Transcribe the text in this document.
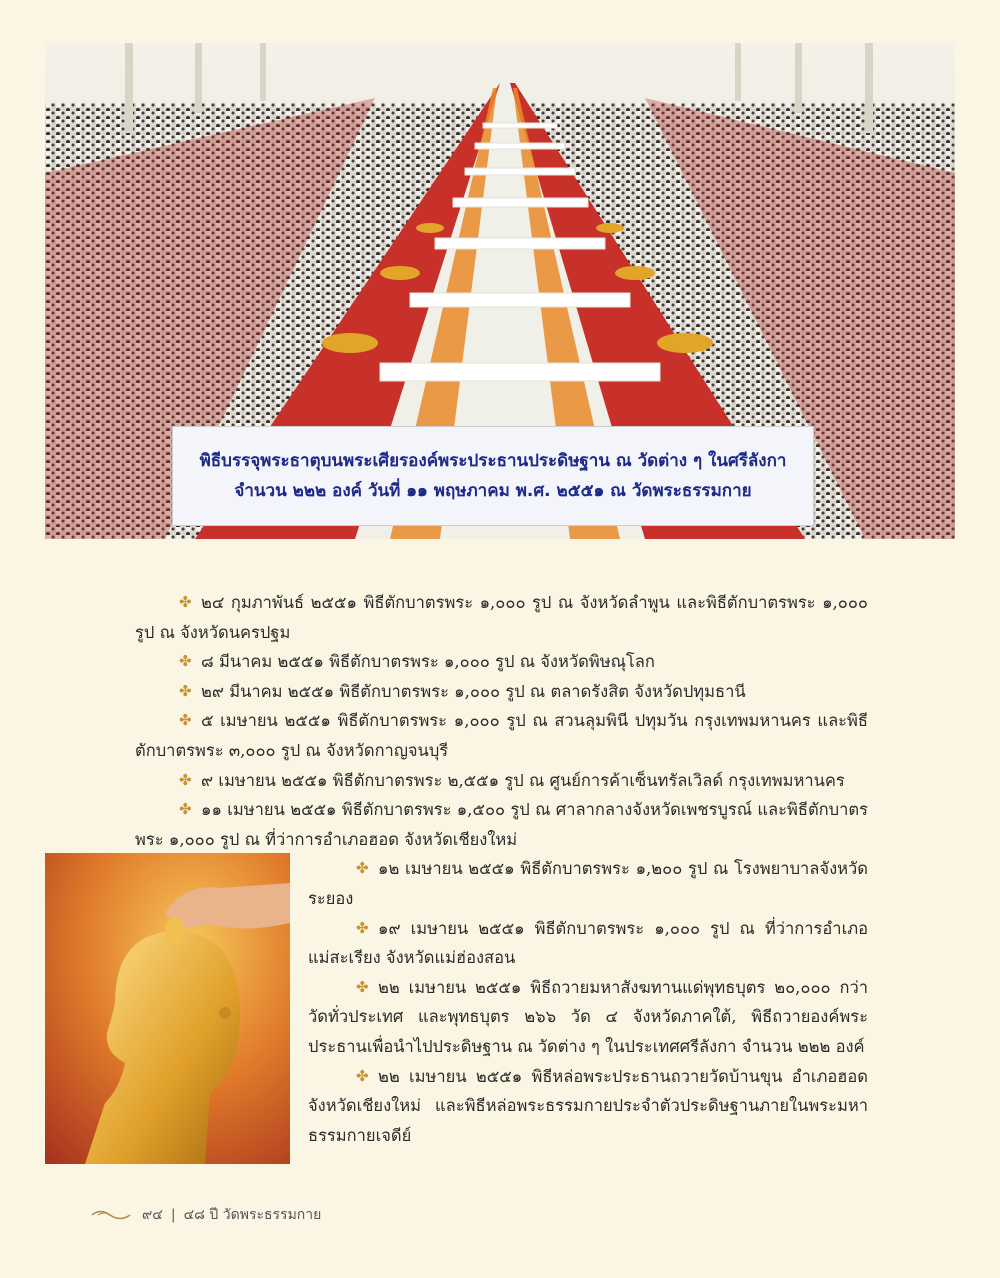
พิธีบรรจุพระธาตุบนพระเศียรองค์พระประธานประดิษฐาน ณ วัดต่าง ๆ ในศรีลังกา
จำนวน ๒๒๒ องค์ วันที่ ๑๑ พฤษภาคม พ.ศ. ๒๕๕๑ ณ วัดพระธรรมกาย

✤ ๒๔ กุมภาพันธ์ ๒๕๕๑ พิธีตักบาตรพระ ๑,๐๐๐ รูป ณ จังหวัดลำพูน และพิธีตักบาตรพระ ๑,๐๐๐ รูป ณ จังหวัดนครปฐม

✤ ๘ มีนาคม ๒๕๕๑ พิธีตักบาตรพระ ๑,๐๐๐ รูป ณ จังหวัดพิษณุโลก

✤ ๒๙ มีนาคม ๒๕๕๑ พิธีตักบาตรพระ ๑,๐๐๐ รูป ณ ตลาดรังสิต จังหวัดปทุมธานี

✤ ๕ เมษายน ๒๕๕๑ พิธีตักบาตรพระ ๑,๐๐๐ รูป ณ สวนลุมพินี ปทุมวัน กรุงเทพมหานคร และพิธีตักบาตรพระ ๓,๐๐๐ รูป ณ จังหวัดกาญจนบุรี

✤ ๙ เมษายน ๒๕๕๑ พิธีตักบาตรพระ ๒,๕๕๑ รูป ณ ศูนย์การค้าเซ็นทรัลเวิลด์ กรุงเทพมหานคร

✤ ๑๑ เมษายน ๒๕๕๑ พิธีตักบาตรพระ ๑,๕๐๐ รูป ณ ศาลากลางจังหวัดเพชรบูรณ์ และพิธีตักบาตรพระ ๑,๐๐๐ รูป ณ ที่ว่าการอำเภอฮอด จังหวัดเชียงใหม่

✤ ๑๒ เมษายน ๒๕๕๑ พิธีตักบาตรพระ ๑,๒๐๐ รูป ณ โรงพยาบาลจังหวัดระยอง

✤ ๑๙ เมษายน ๒๕๕๑ พิธีตักบาตรพระ ๑,๐๐๐ รูป ณ ที่ว่าการอำเภอแม่สะเรียง จังหวัดแม่ฮ่องสอน

✤ ๒๒ เมษายน ๒๕๕๑ พิธีถวายมหาสังฆทานแด่พุทธบุตร ๒๐,๐๐๐ กว่าวัดทั่วประเทศ และพุทธบุตร ๒๖๖ วัด ๔ จังหวัดภาคใต้, พิธีถวายองค์พระประธานเพื่อนำไปประดิษฐาน ณ วัดต่าง ๆ ในประเทศศรีลังกา จำนวน ๒๒๒ องค์

✤ ๒๒ เมษายน ๒๕๕๑ พิธีหล่อพระประธานถวายวัดบ้านขุน อำเภอฮอด จังหวัดเชียงใหม่ และพิธีหล่อพระธรรมกายประจำตัวประดิษฐานภายในพระมหาธรรมกายเจดีย์

๙๔ | ๔๘ ปี วัดพระธรรมกาย
